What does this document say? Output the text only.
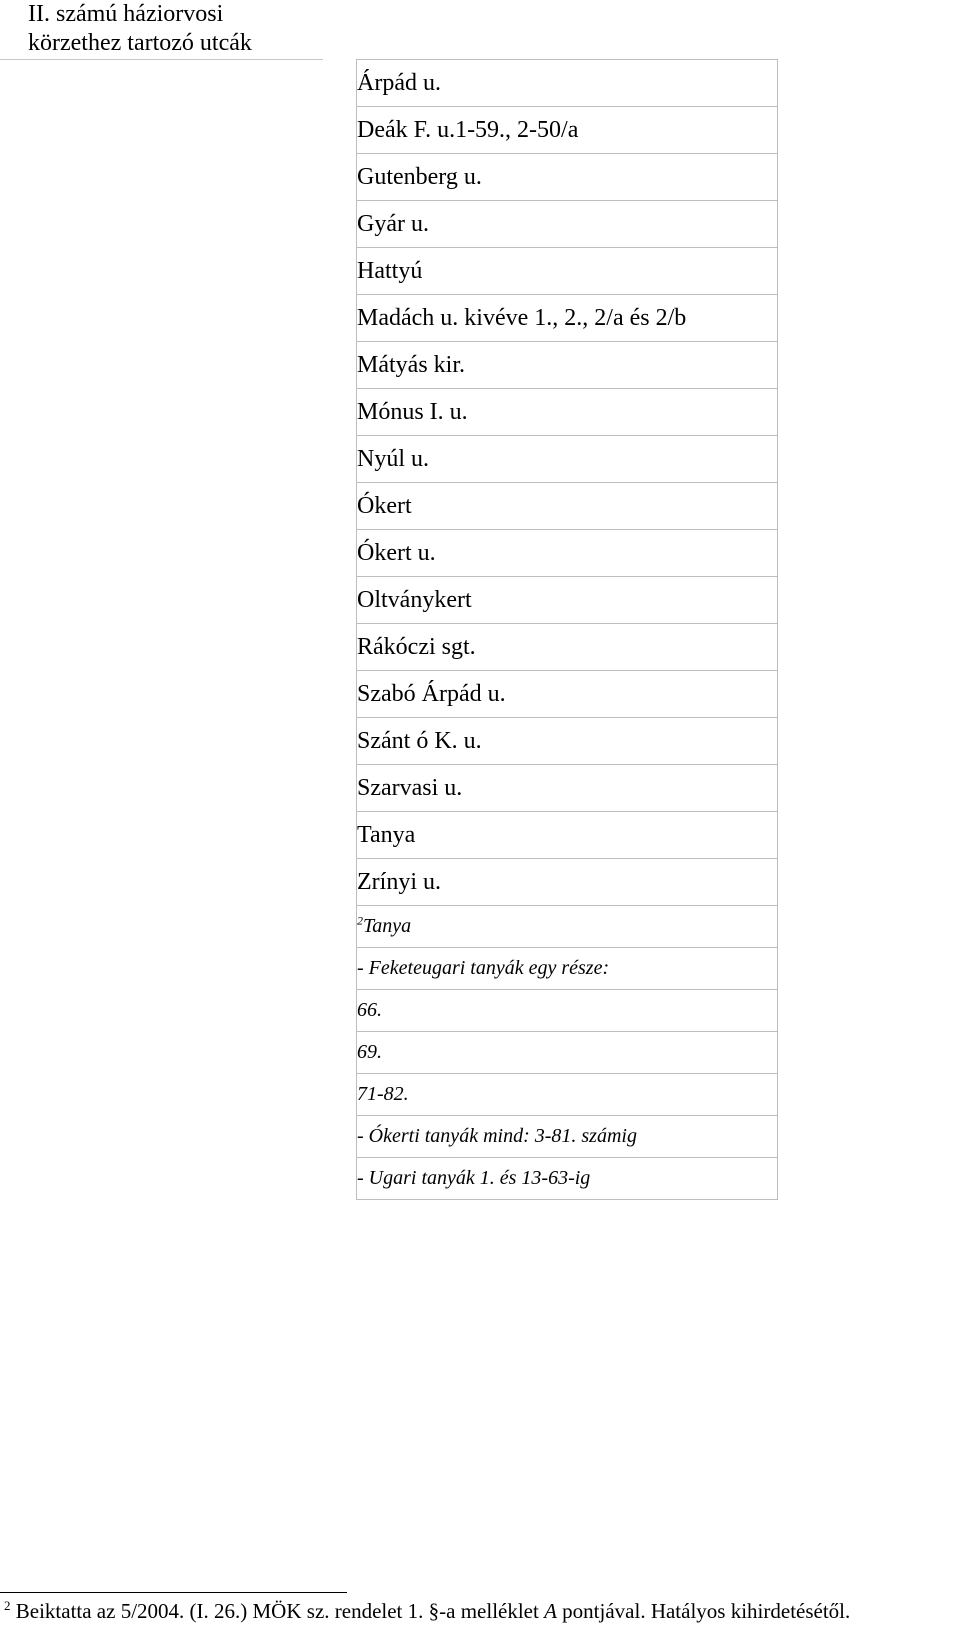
II. számú háziorvosi
körzethez tartozó utcák
Árpád u.

Deák F. u.1-59., 2-50/a

Gutenberg u.

Gyár u.

Hattyú

Madách u. kivéve 1., 2., 2/a és 2/b

Mátyás kir.

Mónus I. u.

Nyúl u.

Ókert

Ókert u.

Oltványkert

Rákóczi sgt.

Szabó Árpád u.

Szánt ó K. u.

Szarvasi u.

Tanya

Zrínyi u.

$^2$Tanya

- Feketeugari tanyák egy része:

66.

69.

71-82.

- Ókerti tanyák mind: 3-81. számig

- Ugari tanyák 1. és 13-63-ig
$^2$ Beiktatta az 5/2004. (I. 26.) MÖK sz. rendelet 1. §-a melléklet A pontjával. Hatályos kihirdetésétől.
